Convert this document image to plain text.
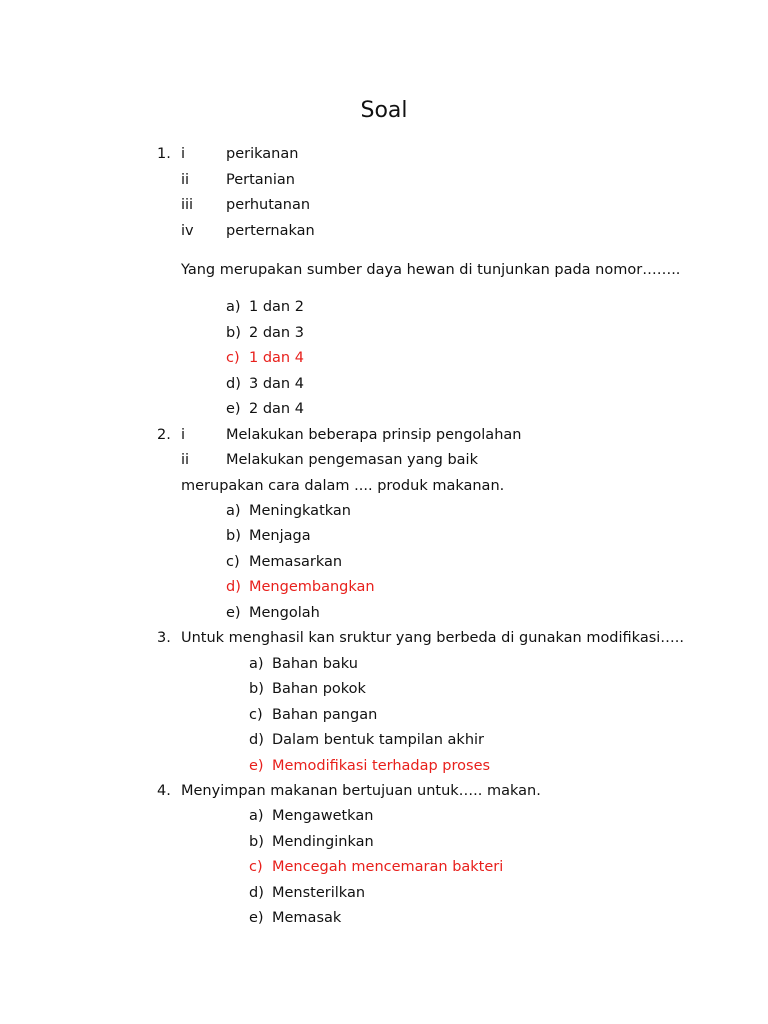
Soal
1. i	perikanan
ii	Pertanian
iii perhutanan
iv perternakan
Yang merupakan sumber daya hewan di tunjunkan pada nomor……..
a) 1 dan 2
b) 2 dan 3
c) 1 dan 4
d) 3 dan 4
e) 2 dan 4
2. i	Melakukan beberapa prinsip pengolahan
ii	Melakukan pengemasan yang baik
merupakan cara dalam .... produk makanan.
a) Meningkatkan
b) Menjaga
c) Memasarkan
d) Mengembangkan
e) Mengolah
3. Untuk menghasil kan sruktur yang berbeda di gunakan modifikasi…..
a) Bahan baku
b) Bahan pokok
c) Bahan pangan
d) Dalam bentuk tampilan akhir
e) Memodifikasi terhadap proses
4. Menyimpan makanan bertujuan untuk….. makan.
a) Mengawetkan
b) Mendinginkan
c) Mencegah mencemaran bakteri
d) Mensterilkan
e) Memasak
